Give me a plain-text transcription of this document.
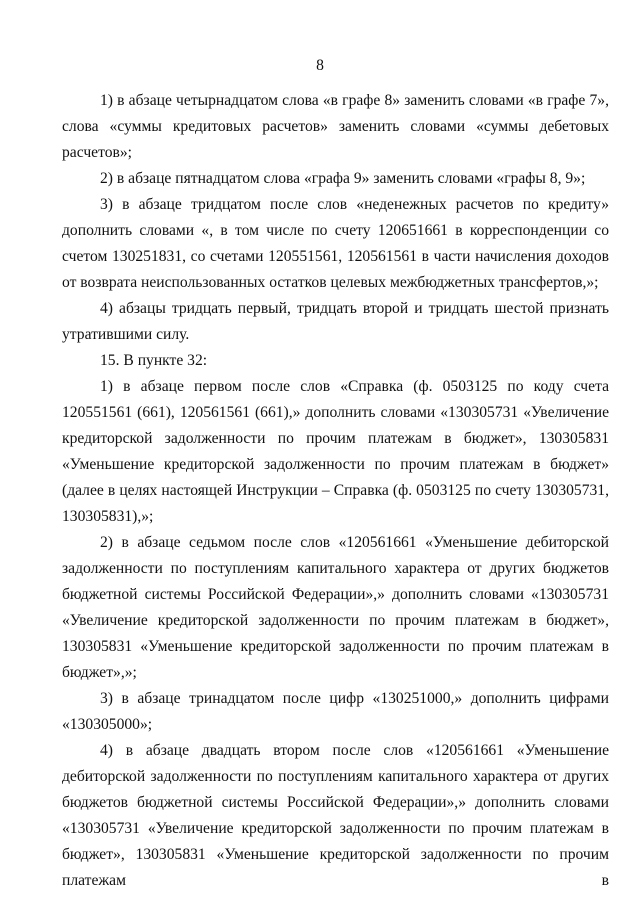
8

1) в абзаце четырнадцатом слова «в графе 8» заменить словами «в графе 7», слова «суммы кредитовых расчетов» заменить словами «суммы дебетовых расчетов»;

2) в абзаце пятнадцатом слова «графа 9» заменить словами «графы 8, 9»;

3) в абзаце тридцатом после слов «неденежных расчетов по кредиту» дополнить словами «, в том числе по счету 120651661 в корреспонденции со счетом 130251831, со счетами 120551561, 120561561 в части начисления доходов от возврата неиспользованных остатков целевых межбюджетных трансфертов,»;

4) абзацы тридцать первый, тридцать второй и тридцать шестой признать утратившими силу.

15. В пункте 32:

1) в абзаце первом после слов «Справка (ф. 0503125 по коду счета 120551561 (661), 120561561 (661),» дополнить словами «130305731 «Увеличение кредиторской задолженности по прочим платежам в бюджет», 130305831 «Уменьшение кредиторской задолженности по прочим платежам в бюджет» (далее в целях настоящей Инструкции – Справка (ф. 0503125 по счету 130305731, 130305831),»;

2) в абзаце седьмом после слов «120561661 «Уменьшение дебиторской задолженности по поступлениям капитального характера от других бюджетов бюджетной системы Российской Федерации»,» дополнить словами «130305731 «Увеличение кредиторской задолженности по прочим платежам в бюджет», 130305831 «Уменьшение кредиторской задолженности по прочим платежам в бюджет»,»;

3) в абзаце тринадцатом после цифр «130251000,» дополнить цифрами «130305000»;

4) в абзаце двадцать втором после слов «120561661 «Уменьшение дебиторской задолженности по поступлениям капитального характера от других бюджетов бюджетной системы Российской Федерации»,» дополнить словами «130305731 «Увеличение кредиторской задолженности по прочим платежам в бюджет», 130305831 «Уменьшение кредиторской задолженности по прочим платежам в
